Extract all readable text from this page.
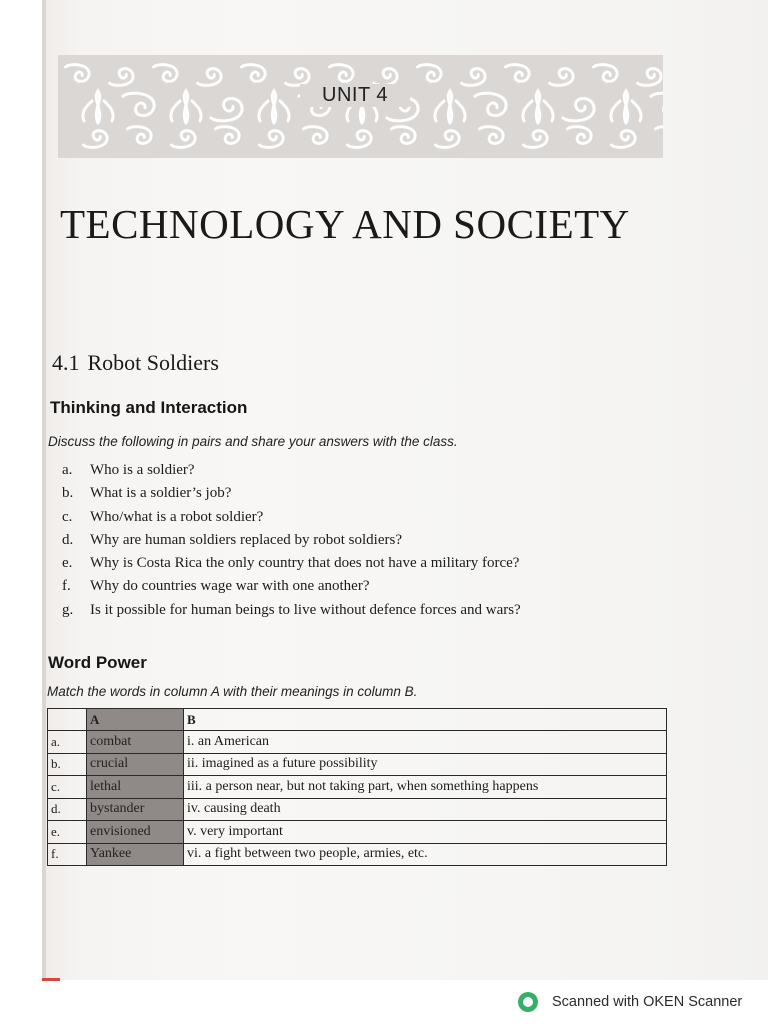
UNIT 4
TECHNOLOGY AND SOCIETY
4.1 Robot Soldiers
Thinking and Interaction
Discuss the following in pairs and share your answers with the class.
a. Who is a soldier?
b. What is a soldier’s job?
c. Who/what is a robot soldier?
d. Why are human soldiers replaced by robot soldiers?
e. Why is Costa Rica the only country that does not have a military force?
f. Why do countries wage war with one another?
g. Is it possible for human beings to live without defence forces and wars?
Word Power
Match the words in column A with their meanings in column B.
	A	B
a.	combat	i. an American
b.	crucial	ii. imagined as a future possibility
c.	lethal	iii. a person near, but not taking part, when something happens
d.	bystander	iv. causing death
e.	envisioned	v. very important
f.	Yankee	vi. a fight between two people, armies, etc.
Scanned with OKEN Scanner
